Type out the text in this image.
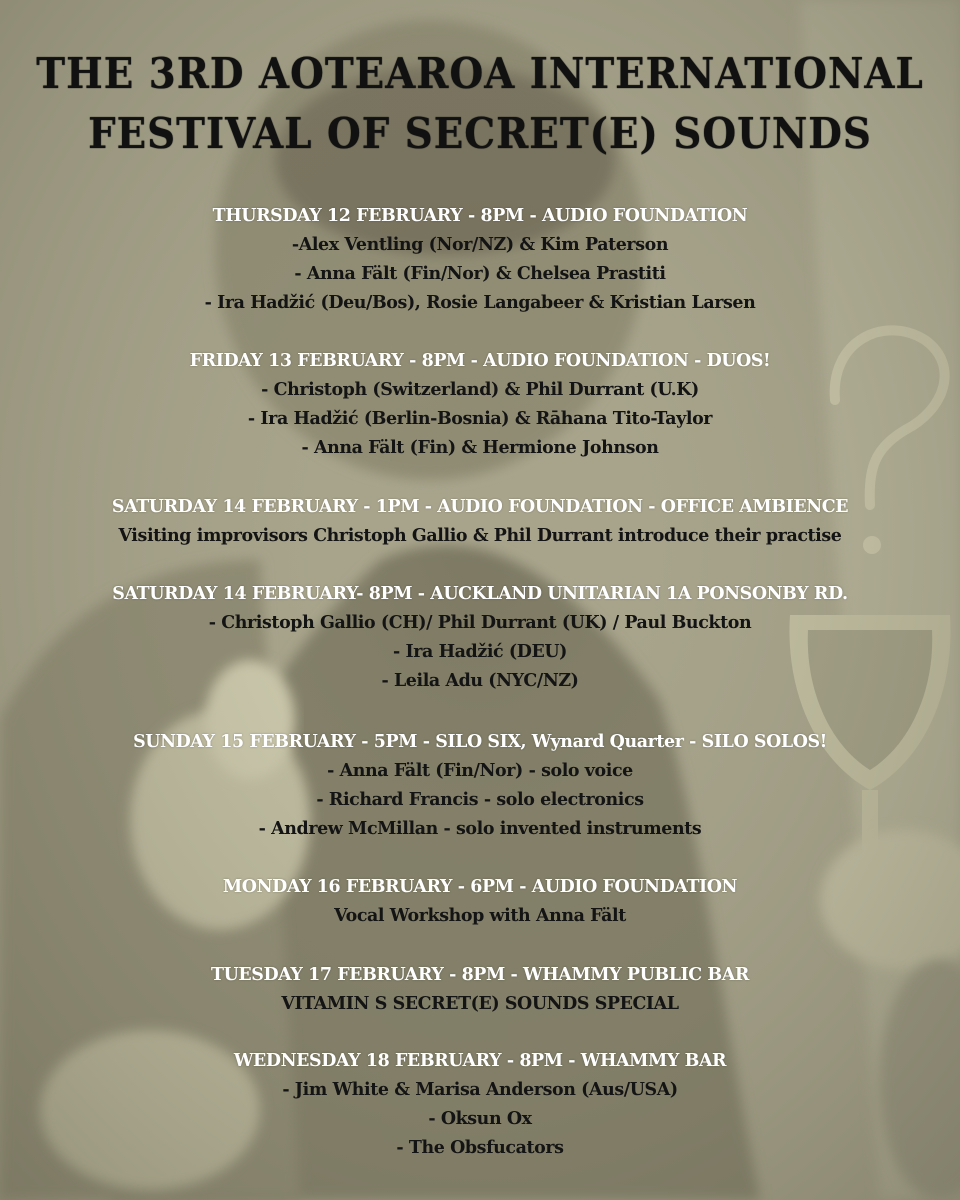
THE 3RD AOTEAROA INTERNATIONAL
FESTIVAL OF SECRET(E) SOUNDS
THURSDAY 12 FEBRUARY - 8PM - AUDIO FOUNDATION
-Alex Ventling (Nor/NZ) & Kim Paterson
- Anna Fält (Fin/Nor) & Chelsea Prastiti
- Ira Hadžić (Deu/Bos), Rosie Langabeer & Kristian Larsen
FRIDAY 13 FEBRUARY - 8PM - AUDIO FOUNDATION - DUOS!
- Christoph (Switzerland) & Phil Durrant (U.K)
- Ira Hadžić (Berlin-Bosnia) & Rāhana Tito-Taylor
- Anna Fält (Fin) & Hermione Johnson
SATURDAY 14 FEBRUARY - 1PM - AUDIO FOUNDATION - OFFICE AMBIENCE
Visiting improvisors Christoph Gallio & Phil Durrant introduce their practise
SATURDAY 14 FEBRUARY- 8PM - AUCKLAND UNITARIAN 1A PONSONBY RD.
- Christoph Gallio (CH)/ Phil Durrant (UK) / Paul Buckton
- Ira Hadžić (DEU)
- Leila Adu (NYC/NZ)
SUNDAY 15 FEBRUARY - 5PM - SILO SIX, Wynard Quarter - SILO SOLOS!
- Anna Fält (Fin/Nor) - solo voice
- Richard Francis - solo electronics
- Andrew McMillan - solo invented instruments
MONDAY 16 FEBRUARY - 6PM - AUDIO FOUNDATION
Vocal Workshop with Anna Fält
TUESDAY 17 FEBRUARY - 8PM - WHAMMY PUBLIC BAR
VITAMIN S SECRET(E) SOUNDS SPECIAL
WEDNESDAY 18 FEBRUARY - 8PM - WHAMMY BAR
- Jim White & Marisa Anderson (Aus/USA)
- Oksun Ox
- The Obsfucators
